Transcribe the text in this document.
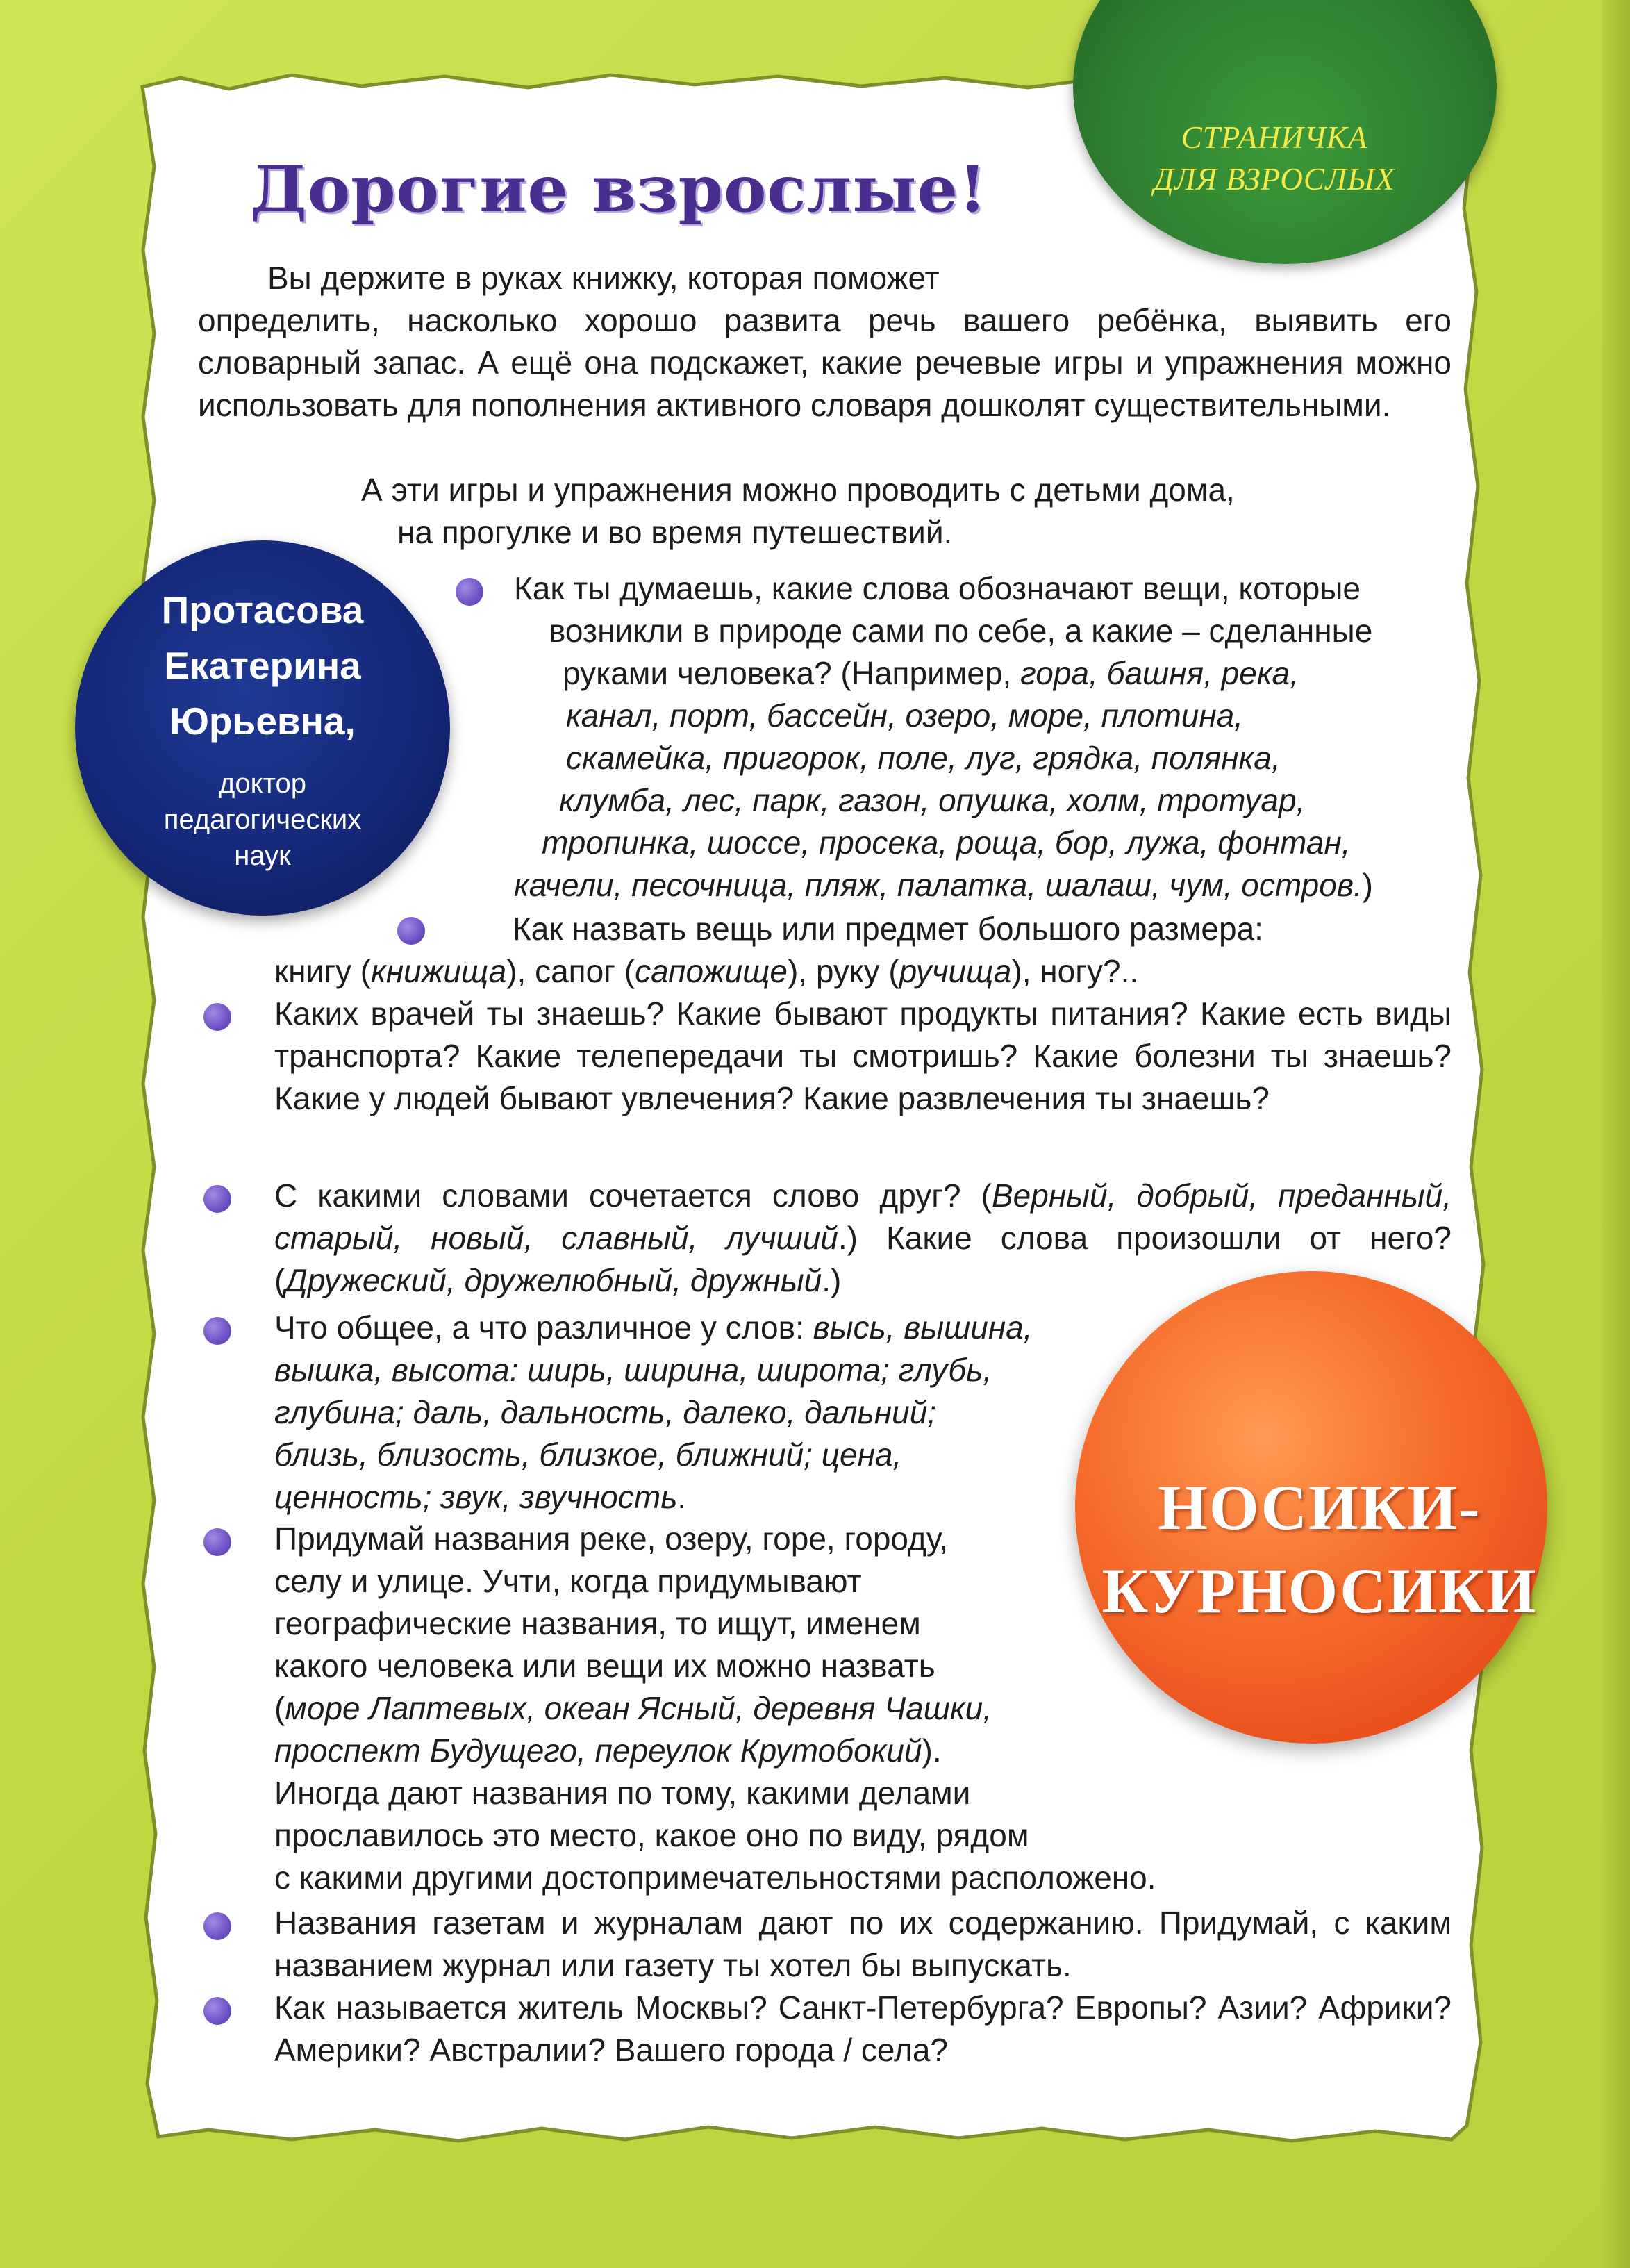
СТРАНИЧКА
ДЛЯ ВЗРОСЛЫХ
Дорогие взрослые!
Вы держите в руках книжку, которая поможет
определить, насколько хорошо развита речь вашего ребёнка, выявить его словарный запас. А ещё она подскажет, какие речевые игры и упражнения можно использовать для пополнения активного словаря дошколят существительными.
А эти игры и упражнения можно проводить с детьми дома,
на прогулке и во время путешествий.
Протасова
Екатерина
Юрьевна,
доктор
педагогических
наук
Как ты думаешь, какие слова обозначают вещи, которые
возникли в природе сами по себе, а какие – сделанные
руками человека? (Например, гора, башня, река,
канал, порт, бассейн, озеро, море, плотина,
скамейка, пригорок, поле, луг, грядка, полянка,
клумба, лес, парк, газон, опушка, холм, тротуар,
тропинка, шоссе, просека, роща, бор, лужа, фонтан,
качели, песочница, пляж, палатка, шалаш, чум, остров.)
Как назвать вещь или предмет большого размера:
книгу (книжища), сапог (сапожище), руку (ручища), ногу?..
Каких врачей ты знаешь? Какие бывают продукты питания? Какие есть виды транспорта? Какие телепередачи ты смотришь? Какие болезни ты знаешь? Какие у людей бывают увлечения? Какие развлечения ты знаешь?
С какими словами сочетается слово друг? (Верный, добрый, преданный, старый, новый, славный, лучший.) Какие слова произошли от него? (Дружеский, дружелюбный, дружный.)
Что общее, а что различное у слов: высь, вышина,
вышка, высота: ширь, ширина, широта; глубь,
глубина; даль, дальность, далеко, дальний;
близь, близость, близкое, ближний; цена,
ценность; звук, звучность.
Придумай названия реке, озеру, горе, городу,
селу и улице. Учти, когда придумывают
географические названия, то ищут, именем
какого человека или вещи их можно назвать
(море Лаптевых, океан Ясный, деревня Чашки,
проспект Будущего, переулок Крутобокий).
Иногда дают названия по тому, какими делами
прославилось это место, какое оно по виду, рядом
с какими другими достопримечательностями расположено.
Названия газетам и журналам дают по их содержанию. Придумай, с каким названием журнал или газету ты хотел бы выпускать.
Как называется житель Москвы? Санкт-Петербурга? Европы? Азии? Африки? Америки? Австралии? Вашего города / села?
НОСИКИ-
КУРНОСИКИ
